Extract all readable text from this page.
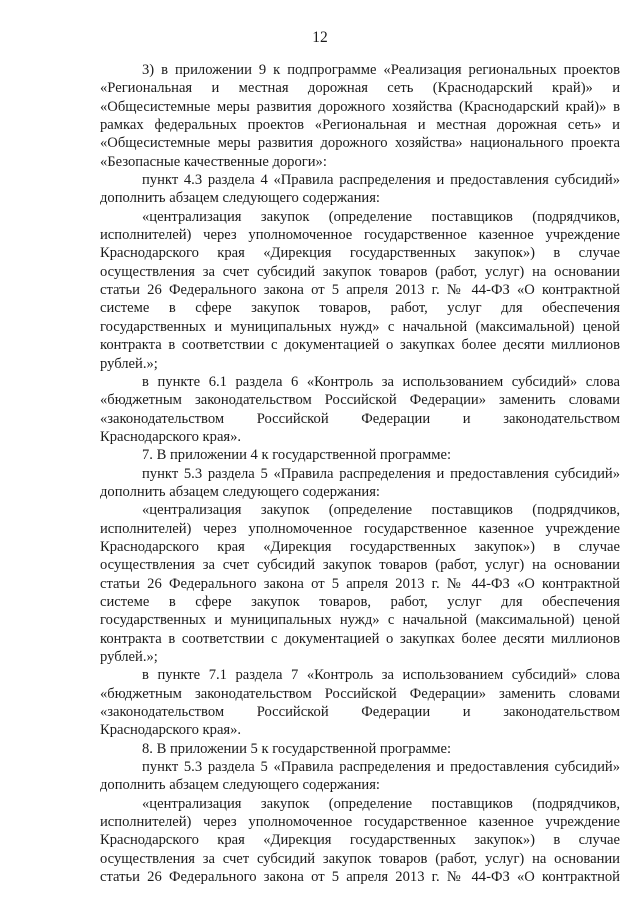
12
3) в приложении 9 к подпрограмме «Реализация региональных проектов
«Региональная и местная дорожная сеть (Краснодарский край)» и
«Общесистемные меры развития дорожного хозяйства (Краснодарский край)» в
рамках федеральных проектов «Региональная и местная дорожная сеть» и
«Общесистемные меры развития дорожного хозяйства» национального проекта
«Безопасные качественные дороги»:
пункт 4.3 раздела 4 «Правила распределения и предоставления субсидий»
дополнить абзацем следующего содержания:
«централизация закупок (определение поставщиков (подрядчиков,
исполнителей) через уполномоченное государственное казенное учреждение
Краснодарского края «Дирекция государственных закупок») в случае
осуществления за счет субсидий закупок товаров (работ, услуг) на основании
статьи 26 Федерального закона от 5 апреля 2013 г. № 44-ФЗ «О контрактной
системе в сфере закупок товаров, работ, услуг для обеспечения
государственных и муниципальных нужд» с начальной (максимальной) ценой
контракта в соответствии с документацией о закупках более десяти миллионов
рублей.»;
в пункте 6.1 раздела 6 «Контроль за использованием субсидий» слова
«бюджетным законодательством Российской Федерации» заменить словами
«законодательством Российской Федерации и законодательством
Краснодарского края».
7. В приложении 4 к государственной программе:
пункт 5.3 раздела 5 «Правила распределения и предоставления субсидий»
дополнить абзацем следующего содержания:
«централизация закупок (определение поставщиков (подрядчиков,
исполнителей) через уполномоченное государственное казенное учреждение
Краснодарского края «Дирекция государственных закупок») в случае
осуществления за счет субсидий закупок товаров (работ, услуг) на основании
статьи 26 Федерального закона от 5 апреля 2013 г. № 44-ФЗ «О контрактной
системе в сфере закупок товаров, работ, услуг для обеспечения
государственных и муниципальных нужд» с начальной (максимальной) ценой
контракта в соответствии с документацией о закупках более десяти миллионов
рублей.»;
в пункте 7.1 раздела 7 «Контроль за использованием субсидий» слова
«бюджетным законодательством Российской Федерации» заменить словами
«законодательством Российской Федерации и законодательством
Краснодарского края».
8. В приложении 5 к государственной программе:
пункт 5.3 раздела 5 «Правила распределения и предоставления субсидий»
дополнить абзацем следующего содержания:
«централизация закупок (определение поставщиков (подрядчиков,
исполнителей) через уполномоченное государственное казенное учреждение
Краснодарского края «Дирекция государственных закупок») в случае
осуществления за счет субсидий закупок товаров (работ, услуг) на основании
статьи 26 Федерального закона от 5 апреля 2013 г. № 44-ФЗ «О контрактной
